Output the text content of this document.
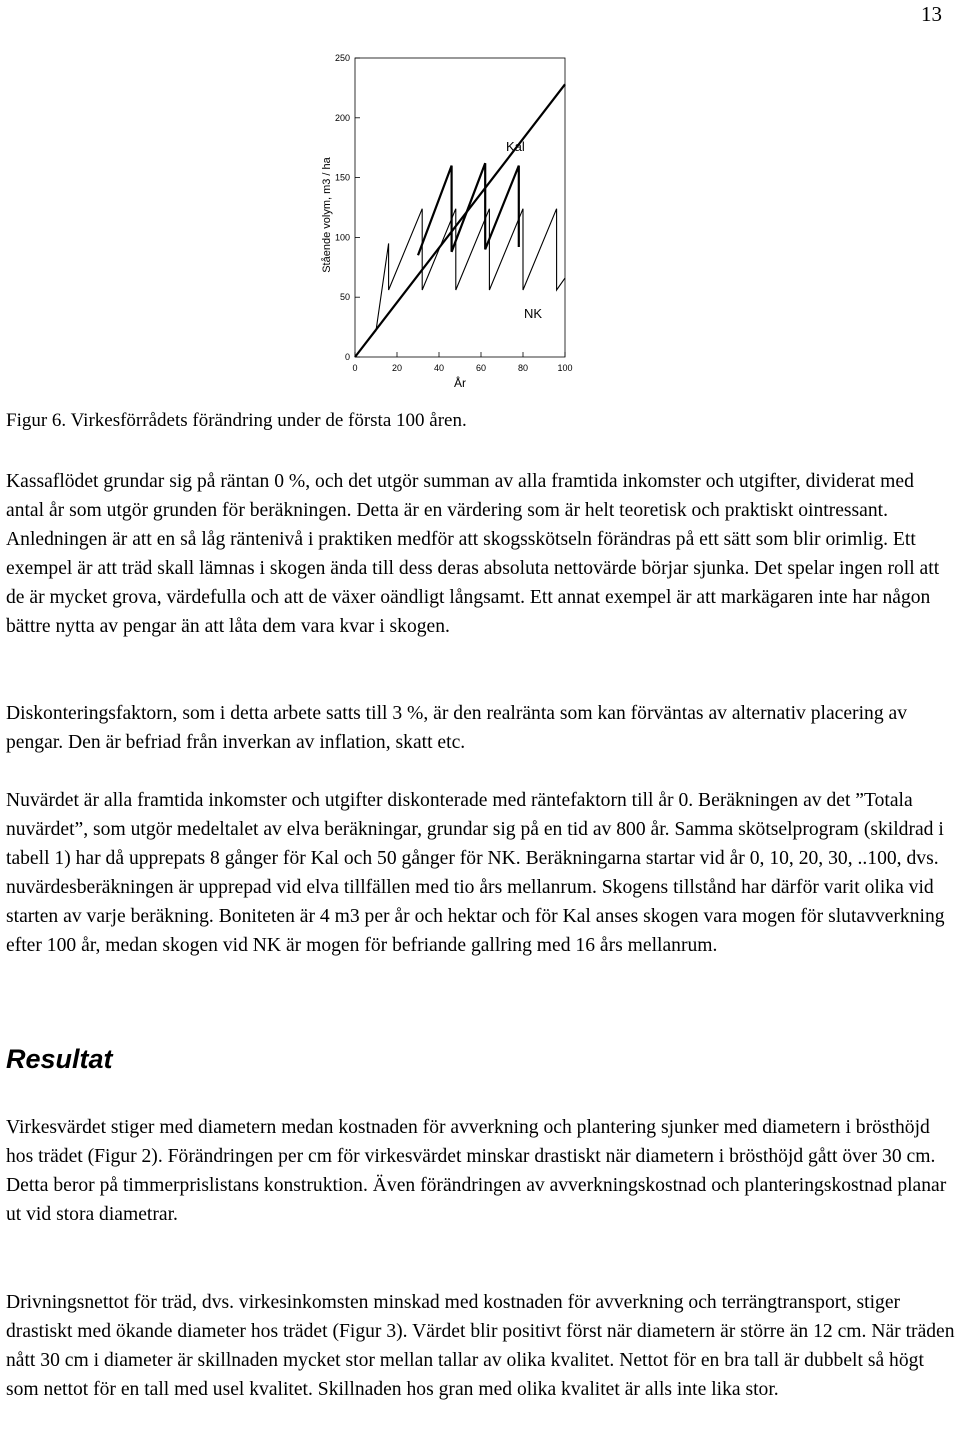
13
0
50
100
150
200
250
0	20	40	60	80	100
Stående volym, m3 / ha
År
Kal
NK
Figur 6. Virkesförrådets förändring under de första 100 åren.

Kassaflödet grundar sig på räntan 0 %, och det utgör summan av alla framtida inkomster och utgifter, dividerat med antal år som utgör grunden för beräkningen. Detta är en värdering som är helt teoretisk och praktiskt ointressant. Anledningen är att en så låg räntenivå i praktiken medför att skogsskötseln förändras på ett sätt som blir orimlig. Ett exempel är att träd skall lämnas i skogen ända till dess deras absoluta nettovärde börjar sjunka. Det spelar ingen roll att de är mycket grova, värdefulla och att de växer oändligt långsamt. Ett annat exempel är att markägaren inte har någon bättre nytta av pengar än att låta dem vara kvar i skogen.

Diskonteringsfaktorn, som i detta arbete satts till 3 %, är den realränta som kan förväntas av alternativ placering av pengar. Den är befriad från inverkan av inflation, skatt etc.

Nuvärdet är alla framtida inkomster och utgifter diskonterade med räntefaktorn till år 0. Beräkningen av det ”Totala nuvärdet”, som utgör medeltalet av elva beräkningar, grundar sig på en tid av 800 år. Samma skötselprogram (skildrad i tabell 1) har då upprepats 8 gånger för Kal och 50 gånger för NK. Beräkningarna startar vid år 0, 10, 20, 30, ..100, dvs. nuvärdesberäkningen är upprepad vid elva tillfällen med tio års mellanrum. Skogens tillstånd har därför varit olika vid starten av varje beräkning. Boniteten är 4 m3 per år och hektar och för Kal anses skogen vara mogen för slutavverkning efter 100 år, medan skogen vid NK är mogen för befriande gallring med 16 års mellanrum.

Resultat

Virkesvärdet stiger med diametern medan kostnaden för avverkning och plantering sjunker med diametern i brösthöjd hos trädet (Figur 2). Förändringen per cm för virkesvärdet minskar drastiskt när diametern i brösthöjd gått över 30 cm. Detta beror på timmerprislistans konstruktion. Även förändringen av avverkningskostnad och planteringskostnad planar ut vid stora diametrar.

Drivningsnettot för träd, dvs. virkesinkomsten minskad med kostnaden för avverkning och terrängtransport, stiger drastiskt med ökande diameter hos trädet (Figur 3). Värdet blir positivt först när diametern är större än 12 cm. När träden nått 30 cm i diameter är skillnaden mycket stor mellan tallar av olika kvalitet. Nettot för en bra tall är dubbelt så högt som nettot för en tall med usel kvalitet. Skillnaden hos gran med olika kvalitet är alls inte lika stor.
